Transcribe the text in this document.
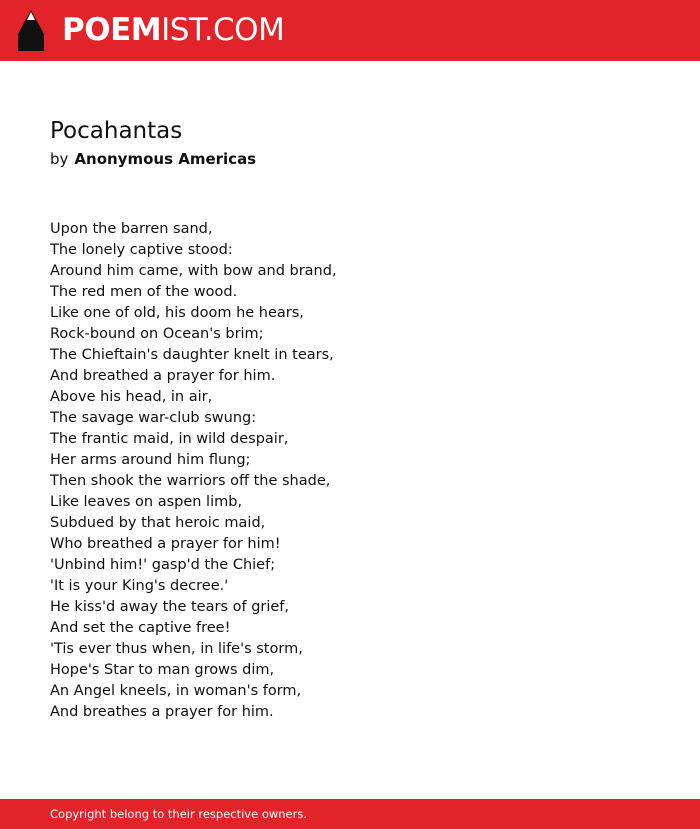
POEMIST.COM
Pocahantas
by Anonymous Americas
Upon the barren sand,
The lonely captive stood:
Around him came, with bow and brand,
The red men of the wood.
Like one of old, his doom he hears,
Rock-bound on Ocean's brim;
The Chieftain's daughter knelt in tears,
And breathed a prayer for him.
Above his head, in air,
The savage war-club swung:
The frantic maid, in wild despair,
Her arms around him flung;
Then shook the warriors off the shade,
Like leaves on aspen limb,
Subdued by that heroic maid,
Who breathed a prayer for him!
'Unbind him!' gasp'd the Chief;
'It is your King's decree.'
He kiss'd away the tears of grief,
And set the captive free!
'Tis ever thus when, in life's storm,
Hope's Star to man grows dim,
An Angel kneels, in woman's form,
And breathes a prayer for him.
Copyright belong to their respective owners.
